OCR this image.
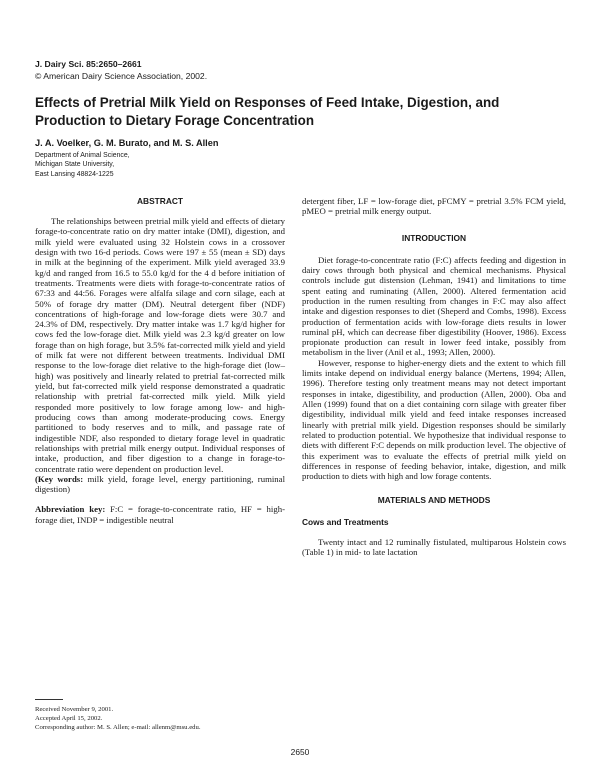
J. Dairy Sci. 85:2650–2661
© American Dairy Science Association, 2002.
Effects of Pretrial Milk Yield on Responses of Feed Intake, Digestion, and Production to Dietary Forage Concentration
J. A. Voelker, G. M. Burato, and M. S. Allen
Department of Animal Science,
Michigan State University,
East Lansing 48824-1225

ABSTRACT

The relationships between pretrial milk yield and effects of dietary forage-to-concentrate ratio on dry matter intake (DMI), digestion, and milk yield were evaluated using 32 Holstein cows in a crossover design with two 16-d periods. Cows were 197 ± 55 (mean ± SD) days in milk at the beginning of the experiment. Milk yield averaged 33.9 kg/d and ranged from 16.5 to 55.0 kg/d for the 4 d before initiation of treatments. Treatments were diets with forage-to-concentrate ratios of 67:33 and 44:56. Forages were alfalfa silage and corn silage, each at 50% of forage dry matter (DM). Neutral detergent fiber (NDF) concentrations of high-forage and low-forage diets were 30.7 and 24.3% of DM, respectively. Dry matter intake was 1.7 kg/d higher for cows fed the low-forage diet. Milk yield was 2.3 kg/d greater on low forage than on high forage, but 3.5% fat-corrected milk yield and yield of milk fat were not different between treatments. Individual DMI response to the low-forage diet relative to the high-forage diet (low–high) was positively and linearly related to pretrial fat-corrected milk yield, but fat-corrected milk yield response demonstrated a quadratic relationship with pretrial fat-corrected milk yield. Milk yield responded more positively to low forage among low- and high-producing cows than among moderate-producing cows. Energy partitioned to body reserves and to milk, and passage rate of indigestible NDF, also responded to dietary forage level in quadratic relationships with pretrial milk energy output. Individual responses of intake, production, and fiber digestion to a change in forage-to-concentrate ratio were dependent on production level.

(Key words: milk yield, forage level, energy partitioning, ruminal digestion)

Abbreviation key: F:C = forage-to-concentrate ratio, HF = high-forage diet, INDP = indigestible neutral

detergent fiber, LF = low-forage diet, pFCMY = pretrial 3.5% FCM yield, pMEO = pretrial milk energy output.

INTRODUCTION

Diet forage-to-concentrate ratio (F:C) affects feeding and digestion in dairy cows through both physical and chemical mechanisms. Physical controls include gut distension (Lehman, 1941) and limitations to time spent eating and ruminating (Allen, 2000). Altered fermentation acid production in the rumen resulting from changes in F:C may also affect intake and digestion responses to diet (Sheperd and Combs, 1998). Excess production of fermentation acids with low-forage diets results in lower ruminal pH, which can decrease fiber digestibility (Hoover, 1986). Excess propionate production can result in lower feed intake, possibly from metabolism in the liver (Anil et al., 1993; Allen, 2000).

However, response to higher-energy diets and the extent to which fill limits intake depend on individual energy balance (Mertens, 1994; Allen, 1996). Therefore testing only treatment means may not detect important responses in intake, digestibility, and production (Allen, 2000). Oba and Allen (1999) found that on a diet containing corn silage with greater fiber digestibility, individual milk yield and feed intake responses increased linearly with pretrial milk yield. Digestion responses should be similarly related to production potential. We hypothesize that individual response to diets with different F:C depends on milk production level. The objective of this experiment was to evaluate the effects of pretrial milk yield on differences in response of feeding behavior, intake, digestion, and milk production to diets with high and low forage contents.

MATERIALS AND METHODS

Cows and Treatments

Twenty intact and 12 ruminally fistulated, multiparous Holstein cows (Table 1) in mid- to late lactation

Received November 9, 2001.
Accepted April 15, 2002.
Corresponding author: M. S. Allen; e-mail: allenm@msu.edu.
2650
